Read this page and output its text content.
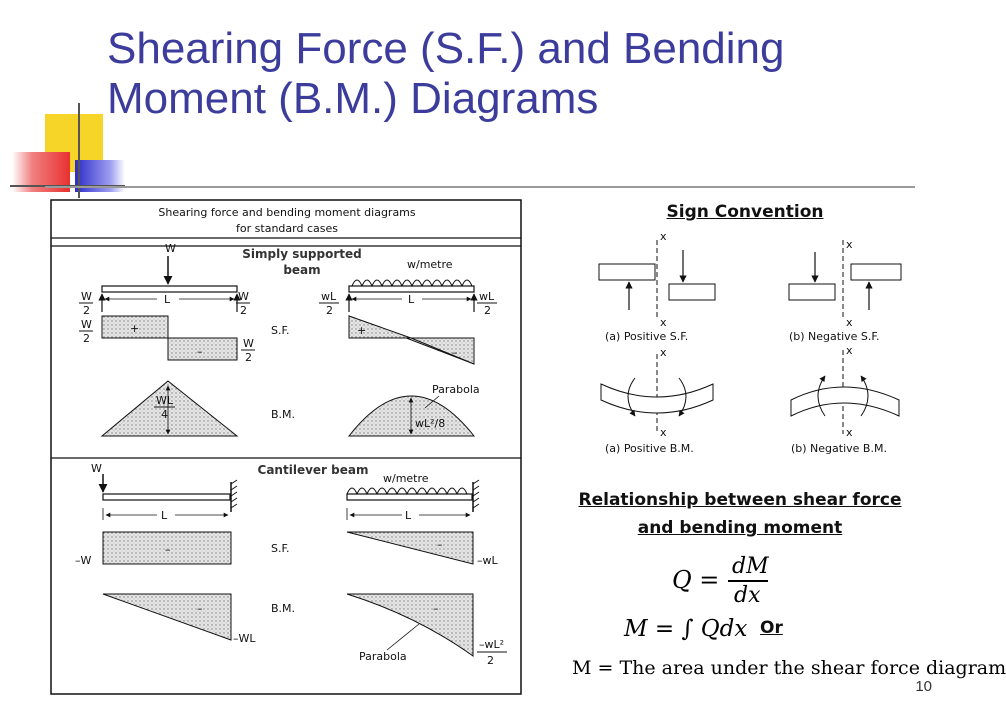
Shearing Force (S.F.) and Bending Moment (B.M.) Diagrams
Shearing force and bending moment diagrams
for standard cases
W
L
W
2
W
2
+
–
W
2	W
2
WL
4
w/metre
L
wL
2
wL
2
+
–
wL²/8
Parabola
S.F.
B.M.
W
L
–
–W
–
–WL
w/metre
L
–
–wL
–
–wL²
2
Parabola
S.F.
B.M.
Simply supported beam
Cantilever beam
Sign Convention
x
x
(a) Positive S.F.
x
x
(b) Negative S.F.
x
x
(a) Positive B.M.
x
x
(b) Negative B.M.
Relationship between shear force
and bending moment
Q = dM
dx
M = ∫ Qdx Or
M = The area under the shear force diagram
10
